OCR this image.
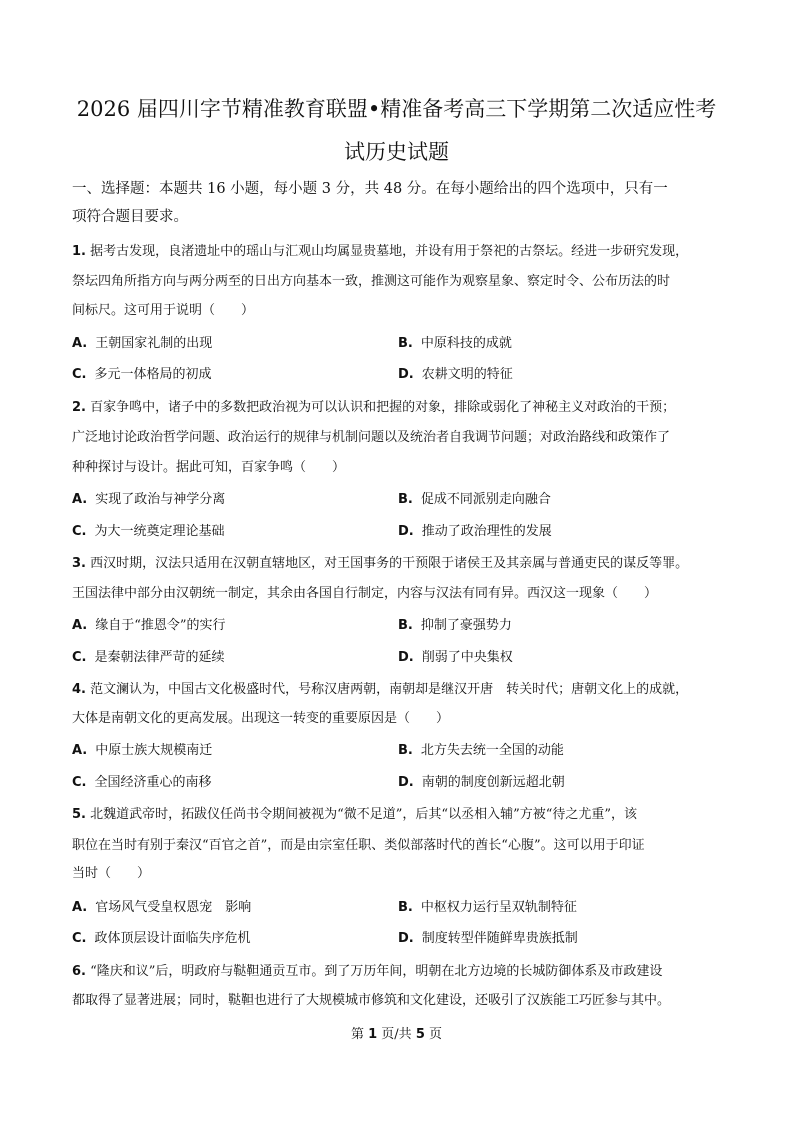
2026 届四川字节精准教育联盟•精准备考高三下学期第二次适应性考
试历史试题
一、选择题：本题共 16 小题，每小题 3 分，共 48 分。在每小题给出的四个选项中，只有一
项符合题目要求。
1. 据考古发现，良渚遗址中的瑶山与汇观山均属显贵墓地，并设有用于祭祀的古祭坛。经进一步研究发现，
祭坛四角所指方向与两分两至的日出方向基本一致，推测这可能作为观察星象、察定时令、公布历法的时
间标尺。这可用于说明（　　）
A. 王朝国家礼制的出现	B. 中原科技的成就
C. 多元一体格局的初成	D. 农耕文明的特征
2. 百家争鸣中，诸子中的多数把政治视为可以认识和把握的对象，排除或弱化了神秘主义对政治的干预；
广泛地讨论政治哲学问题、政治运行的规律与机制问题以及统治者自我调节问题；对政治路线和政策作了
种种探讨与设计。据此可知，百家争鸣（　　）
A. 实现了政治与神学分离	B. 促成不同派别走向融合
C. 为大一统奠定理论基础	D. 推动了政治理性的发展
3. 西汉时期，汉法只适用在汉朝直辖地区，对王国事务的干预限于诸侯王及其亲属与普通吏民的谋反等罪。
王国法律中部分由汉朝统一制定，其余由各国自行制定，内容与汉法有同有异。西汉这一现象（　　）
A. 缘自于“推恩令”的实行	B. 抑制了豪强势力
C. 是秦朝法律严苛的延续	D. 削弱了中央集权
4. 范文澜认为，中国古文化极盛时代，号称汉唐两朝，南朝却是继汉开唐　转关时代；唐朝文化上的成就，
大体是南朝文化的更高发展。出现这一转变的重要原因是（　　）
A. 中原士族大规模南迁	B. 北方失去统一全国的动能
C. 全国经济重心的南移	D. 南朝的制度创新远超北朝
5. 北魏道武帝时，拓跋仪任尚书令期间被视为“微不足道”，后其“以丞相入辅”方被“待之尤重”，该
职位在当时有别于秦汉“百官之首”，而是由宗室任职、类似部落时代的酋长“心腹”。这可以用于印证
当时（　　）
A. 官场风气受皇权恩宠　影响	B. 中枢权力运行呈双轨制特征
C. 政体顶层设计面临失序危机	D. 制度转型伴随鲜卑贵族抵制
6. “隆庆和议”后，明政府与鞑靼通贡互市。到了万历年间，明朝在北方边境的长城防御体系及市政建设
都取得了显著进展；同时，鞑靼也进行了大规模城市修筑和文化建设，还吸引了汉族能工巧匠参与其中。
第 1 页/共 5 页
